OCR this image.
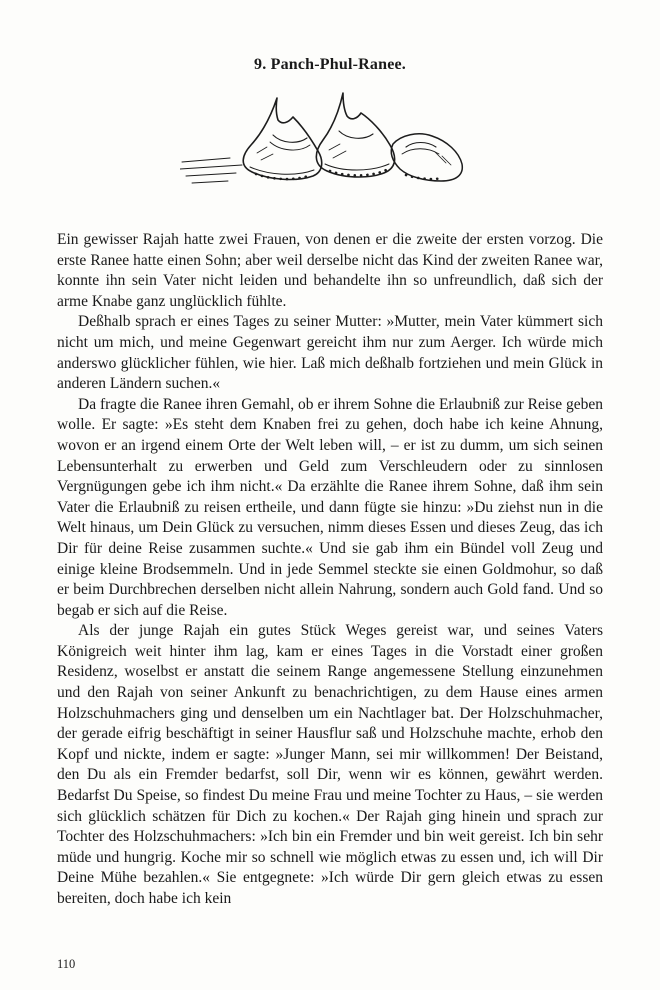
9. Panch-Phul-Ranee.

Ein gewisser Rajah hatte zwei Frauen, von denen er die zweite der ersten vorzog. Die erste Ranee hatte einen Sohn; aber weil derselbe nicht das Kind der zweiten Ranee war, konnte ihn sein Vater nicht leiden und behandelte ihn so unfreundlich, daß sich der arme Knabe ganz unglücklich fühlte.

Deßhalb sprach er eines Tages zu seiner Mutter: »Mutter, mein Vater kümmert sich nicht um mich, und meine Gegenwart gereicht ihm nur zum Aerger. Ich würde mich anderswo glücklicher fühlen, wie hier. Laß mich deßhalb fortziehen und mein Glück in anderen Ländern suchen.«

Da fragte die Ranee ihren Gemahl, ob er ihrem Sohne die Erlaubniß zur Reise geben wolle. Er sagte: »Es steht dem Knaben frei zu gehen, doch habe ich keine Ahnung, wovon er an irgend einem Orte der Welt leben will, – er ist zu dumm, um sich seinen Lebensunterhalt zu erwerben und Geld zum Verschleudern oder zu sinnlosen Vergnügungen gebe ich ihm nicht.« Da erzählte die Ranee ihrem Sohne, daß ihm sein Vater die Erlaubniß zu reisen ertheile, und dann fügte sie hinzu: »Du ziehst nun in die Welt hinaus, um Dein Glück zu versuchen, nimm dieses Essen und dieses Zeug, das ich Dir für deine Reise zusammen suchte.« Und sie gab ihm ein Bündel voll Zeug und einige kleine Brodsemmeln. Und in jede Semmel steckte sie einen Goldmohur, so daß er beim Durchbrechen derselben nicht allein Nahrung, sondern auch Gold fand. Und so begab er sich auf die Reise.

Als der junge Rajah ein gutes Stück Weges gereist war, und seines Vaters Königreich weit hinter ihm lag, kam er eines Tages in die Vorstadt einer großen Residenz, woselbst er anstatt die seinem Range angemessene Stellung einzunehmen und den Rajah von seiner Ankunft zu benachrichtigen, zu dem Hause eines armen Holzschuhmachers ging und denselben um ein Nachtlager bat. Der Holzschuhmacher, der gerade eifrig beschäftigt in seiner Hausflur saß und Holzschuhe machte, erhob den Kopf und nickte, indem er sagte: »Junger Mann, sei mir willkommen! Der Beistand, den Du als ein Fremder bedarfst, soll Dir, wenn wir es können, gewährt werden. Bedarfst Du Speise, so findest Du meine Frau und meine Tochter zu Haus, – sie werden sich glücklich schätzen für Dich zu kochen.« Der Rajah ging hinein und sprach zur Tochter des Holzschuhmachers: »Ich bin ein Fremder und bin weit gereist. Ich bin sehr müde und hungrig. Koche mir so schnell wie möglich etwas zu essen und, ich will Dir Deine Mühe bezahlen.« Sie entgegnete: »Ich würde Dir gern gleich etwas zu essen bereiten, doch habe ich kein

110
